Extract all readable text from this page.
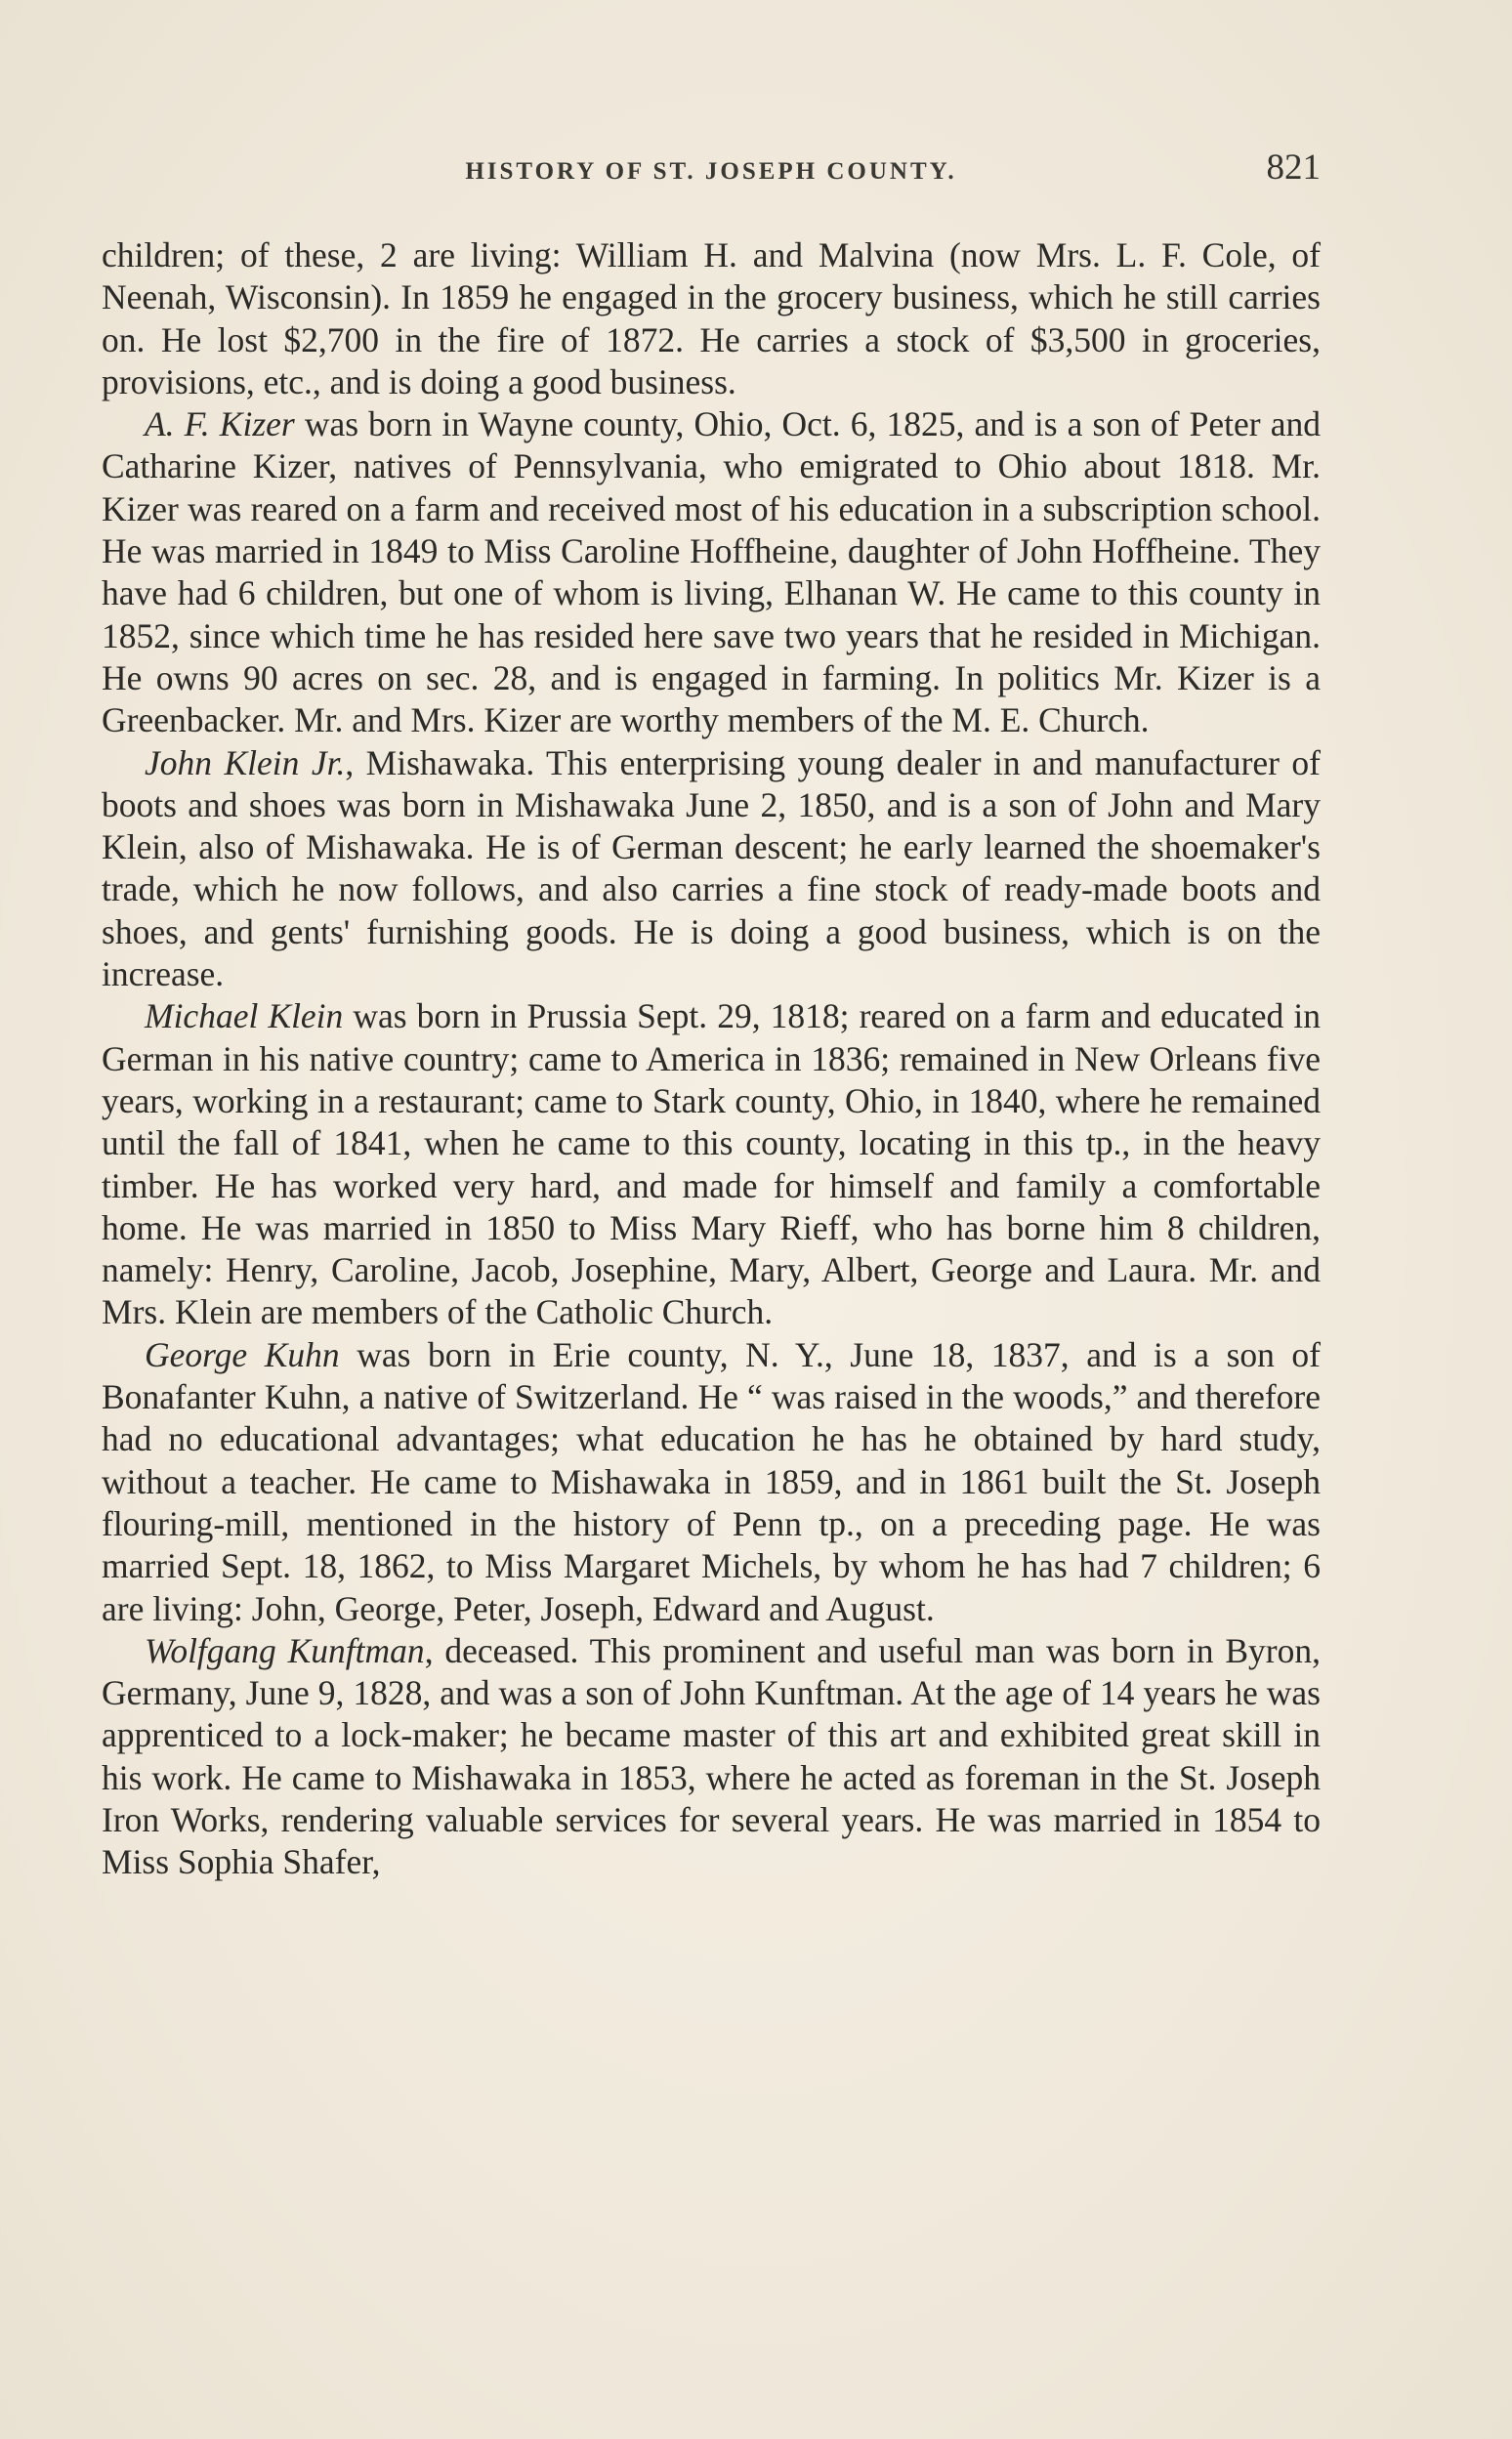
HISTORY OF ST. JOSEPH COUNTY.	821

children; of these, 2 are living: William H. and Malvina (now Mrs. L. F. Cole, of Neenah, Wisconsin). In 1859 he engaged in the grocery business, which he still carries on. He lost $2,700 in the fire of 1872. He carries a stock of $3,500 in groceries, provisions, etc., and is doing a good business.

A. F. Kizer was born in Wayne county, Ohio, Oct. 6, 1825, and is a son of Peter and Catharine Kizer, natives of Pennsylvania, who emigrated to Ohio about 1818. Mr. Kizer was reared on a farm and received most of his education in a subscription school. He was married in 1849 to Miss Caroline Hoffheine, daughter of John Hoffheine. They have had 6 children, but one of whom is living, Elhanan W. He came to this county in 1852, since which time he has resided here save two years that he resided in Michigan. He owns 90 acres on sec. 28, and is engaged in farming. In politics Mr. Kizer is a Greenbacker. Mr. and Mrs. Kizer are worthy members of the M. E. Church.

John Klein Jr., Mishawaka. This enterprising young dealer in and manufacturer of boots and shoes was born in Mishawaka June 2, 1850, and is a son of John and Mary Klein, also of Mishawaka. He is of German descent; he early learned the shoemaker's trade, which he now follows, and also carries a fine stock of ready-made boots and shoes, and gents' furnishing goods. He is doing a good business, which is on the increase.

Michael Klein was born in Prussia Sept. 29, 1818; reared on a farm and educated in German in his native country; came to America in 1836; remained in New Orleans five years, working in a restaurant; came to Stark county, Ohio, in 1840, where he remained until the fall of 1841, when he came to this county, locating in this tp., in the heavy timber. He has worked very hard, and made for himself and family a comfortable home. He was married in 1850 to Miss Mary Rieff, who has borne him 8 children, namely: Henry, Caroline, Jacob, Josephine, Mary, Albert, George and Laura. Mr. and Mrs. Klein are members of the Catholic Church.

George Kuhn was born in Erie county, N. Y., June 18, 1837, and is a son of Bonafanter Kuhn, a native of Switzerland. He “ was raised in the woods,” and therefore had no educational advantages; what education he has he obtained by hard study, without a teacher. He came to Mishawaka in 1859, and in 1861 built the St. Joseph flouring-mill, mentioned in the history of Penn tp., on a preceding page. He was married Sept. 18, 1862, to Miss Margaret Michels, by whom he has had 7 children; 6 are living: John, George, Peter, Joseph, Edward and August.

Wolfgang Kunftman, deceased. This prominent and useful man was born in Byron, Germany, June 9, 1828, and was a son of John Kunftman. At the age of 14 years he was apprenticed to a lock-maker; he became master of this art and exhibited great skill in his work. He came to Mishawaka in 1853, where he acted as foreman in the St. Joseph Iron Works, rendering valuable services for several years. He was married in 1854 to Miss Sophia Shafer,
